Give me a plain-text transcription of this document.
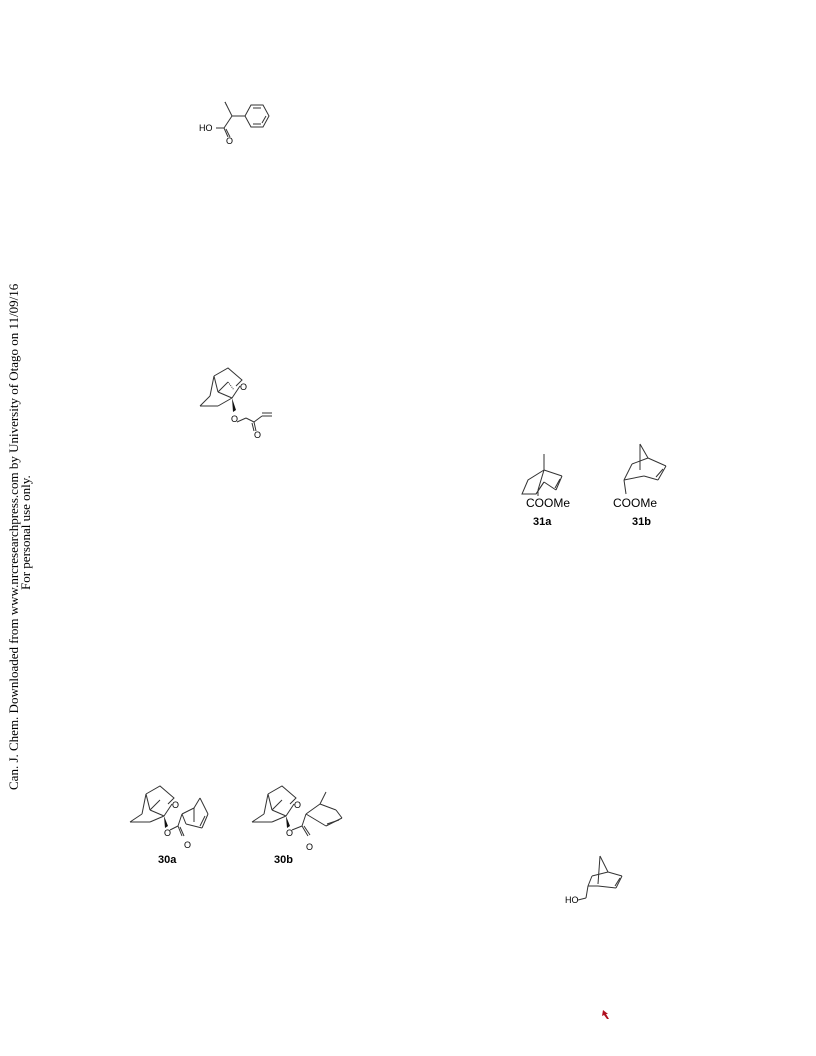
Can. J. Chem. Downloaded from www.nrcresearchpress.com by University of Otago on 11/09/16
For personal use only.
HO
O
O
O
O
COOMe
31a
COOMe
31b
O
O
O
30a
O
O
O
30b
HO
